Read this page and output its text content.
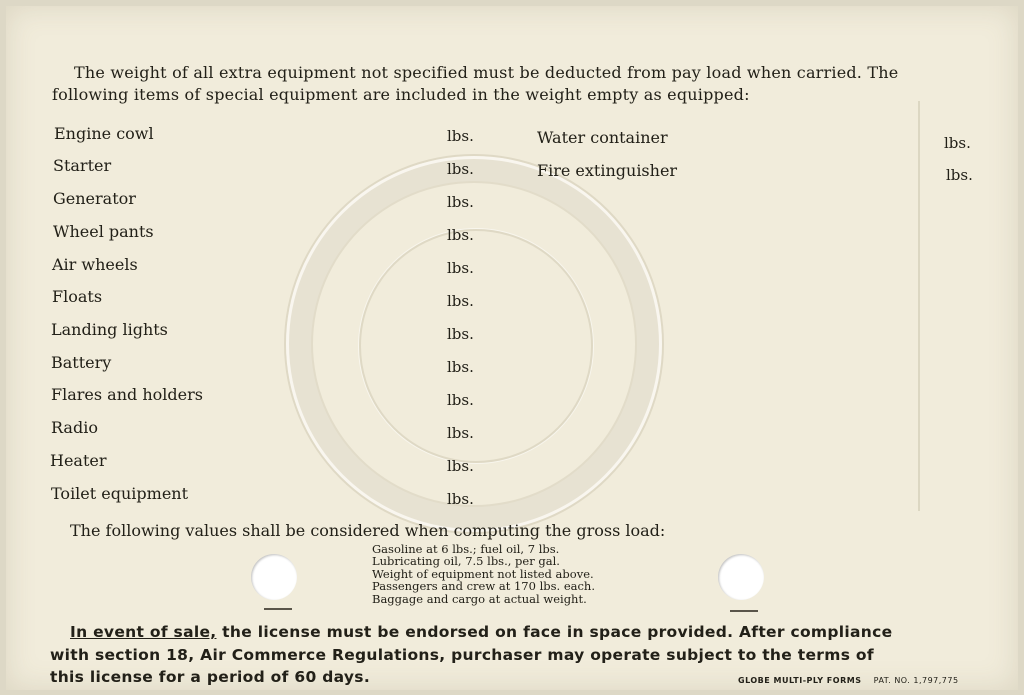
The weight of all extra equipment not specified must be deducted from pay load when carried. The
following items of special equipment are included in the weight empty as equipped:
Engine cowl	lbs.
Starter	lbs.
Generator	lbs.
Wheel pants	lbs.
Air wheels	lbs.
Floats	lbs.
Landing lights	lbs.
Battery	lbs.
Flares and holders	lbs.
Radio	lbs.
Heater	lbs.
Toilet equipment	lbs.
Water container	lbs.
Fire extinguisher	lbs.
The following values shall be considered when computing the gross load:
Gasoline at 6 lbs.; fuel oil, 7 lbs.
Lubricating oil, 7.5 lbs., per gal.
Weight of equipment not listed above.
Passengers and crew at 170 lbs. each.
Baggage and cargo at actual weight.
In event of sale, the license must be endorsed on face in space provided. After compliance
with section 18, Air Commerce Regulations, purchaser may operate subject to the terms of
this license for a period of 60 days.	GLOBE MULTI-PLY FORMS PAT. NO. 1,797,775
